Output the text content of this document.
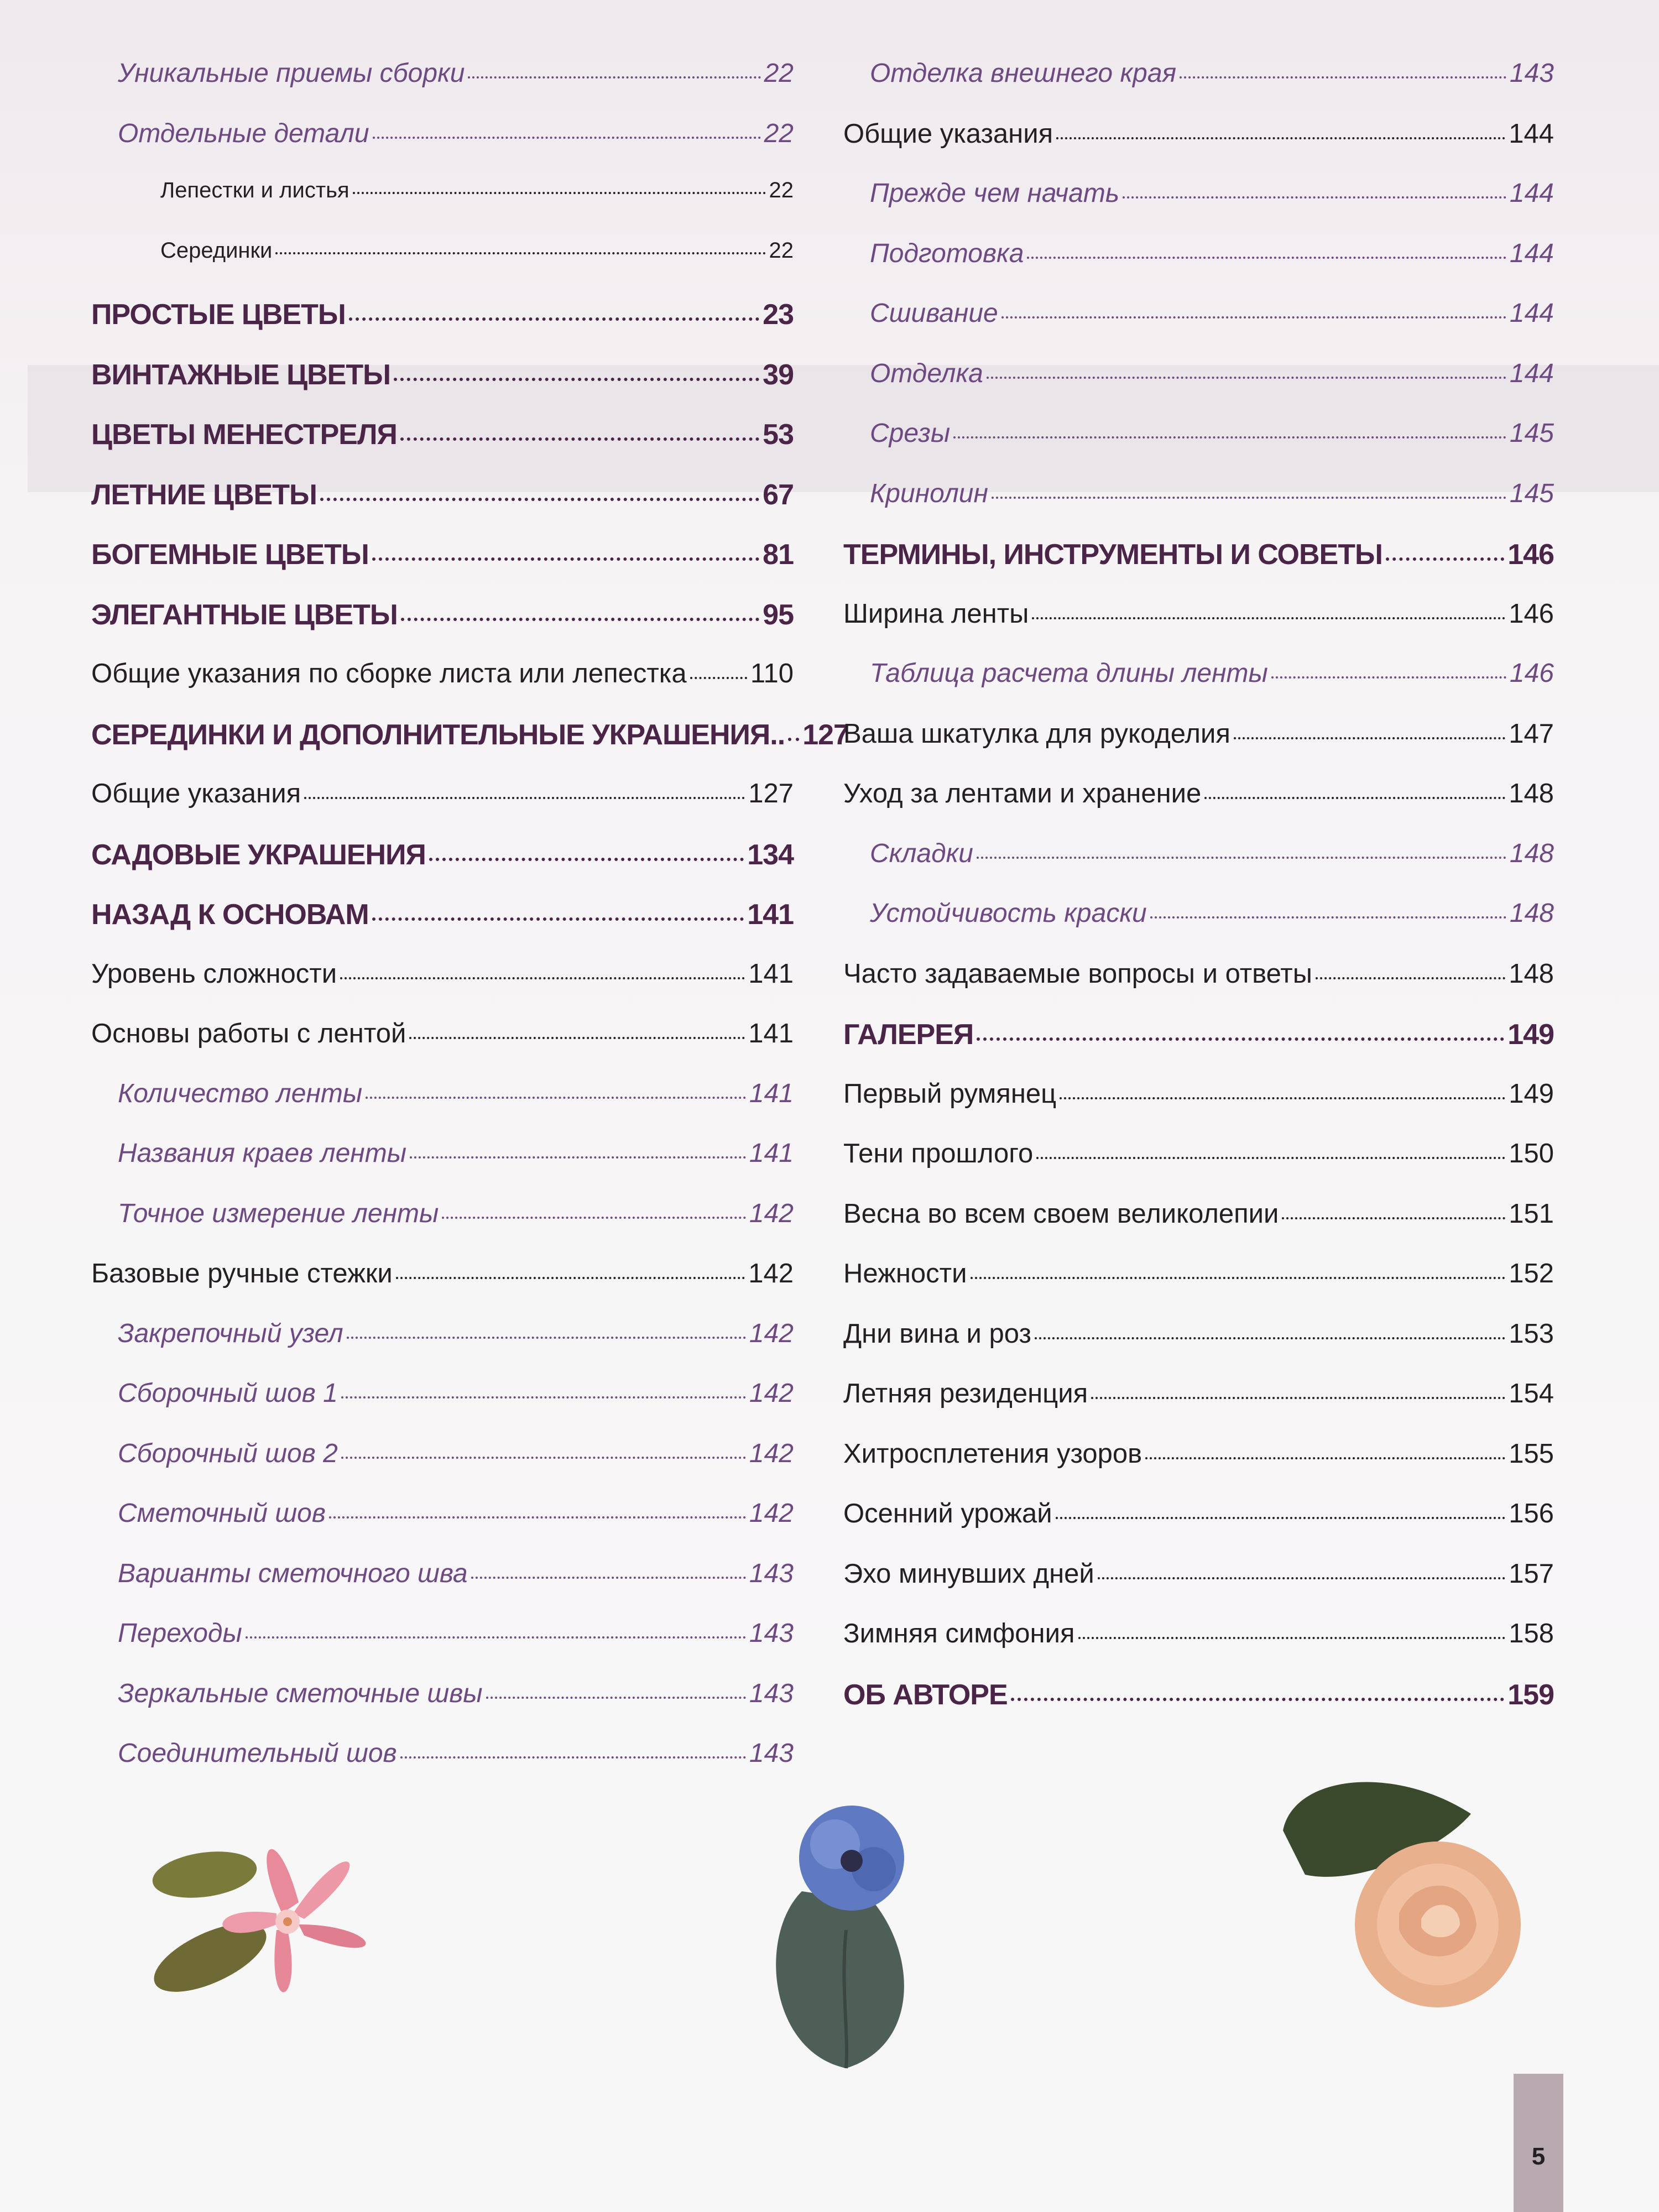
Уникальные приемы сборки	22
Отдельные детали	22
Лепестки и листья	22
Серединки	22
ПРОСТЫЕ ЦВЕТЫ	23
ВИНТАЖНЫЕ ЦВЕТЫ	39
ЦВЕТЫ МЕНЕСТРЕЛЯ	53
ЛЕТНИЕ ЦВЕТЫ	67
БОГЕМНЫЕ ЦВЕТЫ	81
ЭЛЕГАНТНЫЕ ЦВЕТЫ	95
Общие указания по сборке листа или лепестка 110
СЕРЕДИНКИ И ДОПОЛНИТЕЛЬНЫЕ УКРАШЕНИЯ.. 127
Общие указания	127
САДОВЫЕ УКРАШЕНИЯ	134
НАЗАД К ОСНОВАМ	141
Уровень сложности	141
Основы работы с лентой	141
Количество ленты	141
Названия краев ленты	141
Точное измерение ленты	142
Базовые ручные стежки	142
Закрепочный узел	142
Сборочный шов 1	142
Сборочный шов 2	142
Сметочный шов	142
Варианты сметочного шва	143
Переходы	143
Зеркальные сметочные швы	143
Соединительный шов	143
Отделка внешнего края	143
Общие указания	144
Прежде чем начать	144
Подготовка	144
Сшивание	144
Отделка	144
Срезы	145
Кринолин	145
ТЕРМИНЫ, ИНСТРУМЕНТЫ И СОВЕТЫ	146
Ширина ленты	146
Таблица расчета длины ленты	146
Ваша шкатулка для рукоделия	147
Уход за лентами и хранение	148
Складки	148
Устойчивость краски	148
Часто задаваемые вопросы и ответы	148
ГАЛЕРЕЯ	149
Первый румянец	149
Тени прошлого	150
Весна во всем своем великолепии	151
Нежности	152
Дни вина и роз	153
Летняя резиденция	154
Хитросплетения узоров	155
Осенний урожай	156
Эхо минувших дней	157
Зимняя симфония	158
ОБ АВТОРЕ	159
5
